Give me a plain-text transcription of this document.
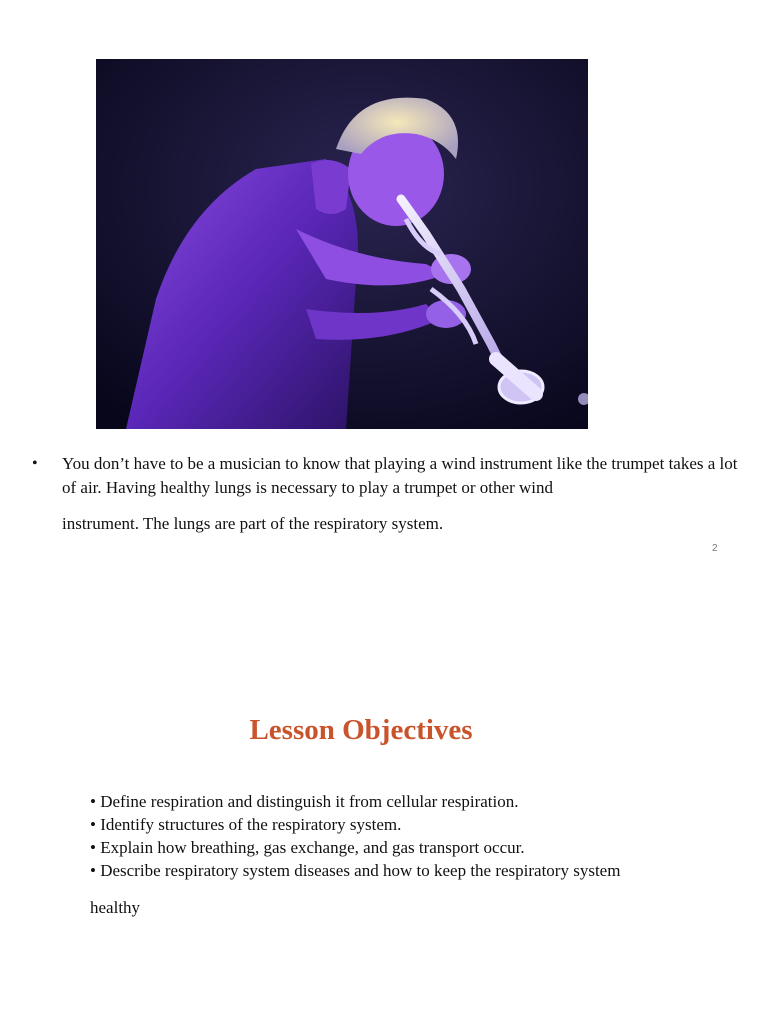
• You don’t have to be a musician to know that playing a wind instrument like the trumpet takes a lot of air. Having healthy lungs is necessary to play a trumpet or other wind
instrument. The lungs are part of the respiratory system.

2
Lesson Objectives
• Define respiration and distinguish it from cellular respiration.
• Identify structures of the respiratory system.
• Explain how breathing, gas exchange, and gas transport occur.
• Describe respiratory system diseases and how to keep the respiratory system

healthy
